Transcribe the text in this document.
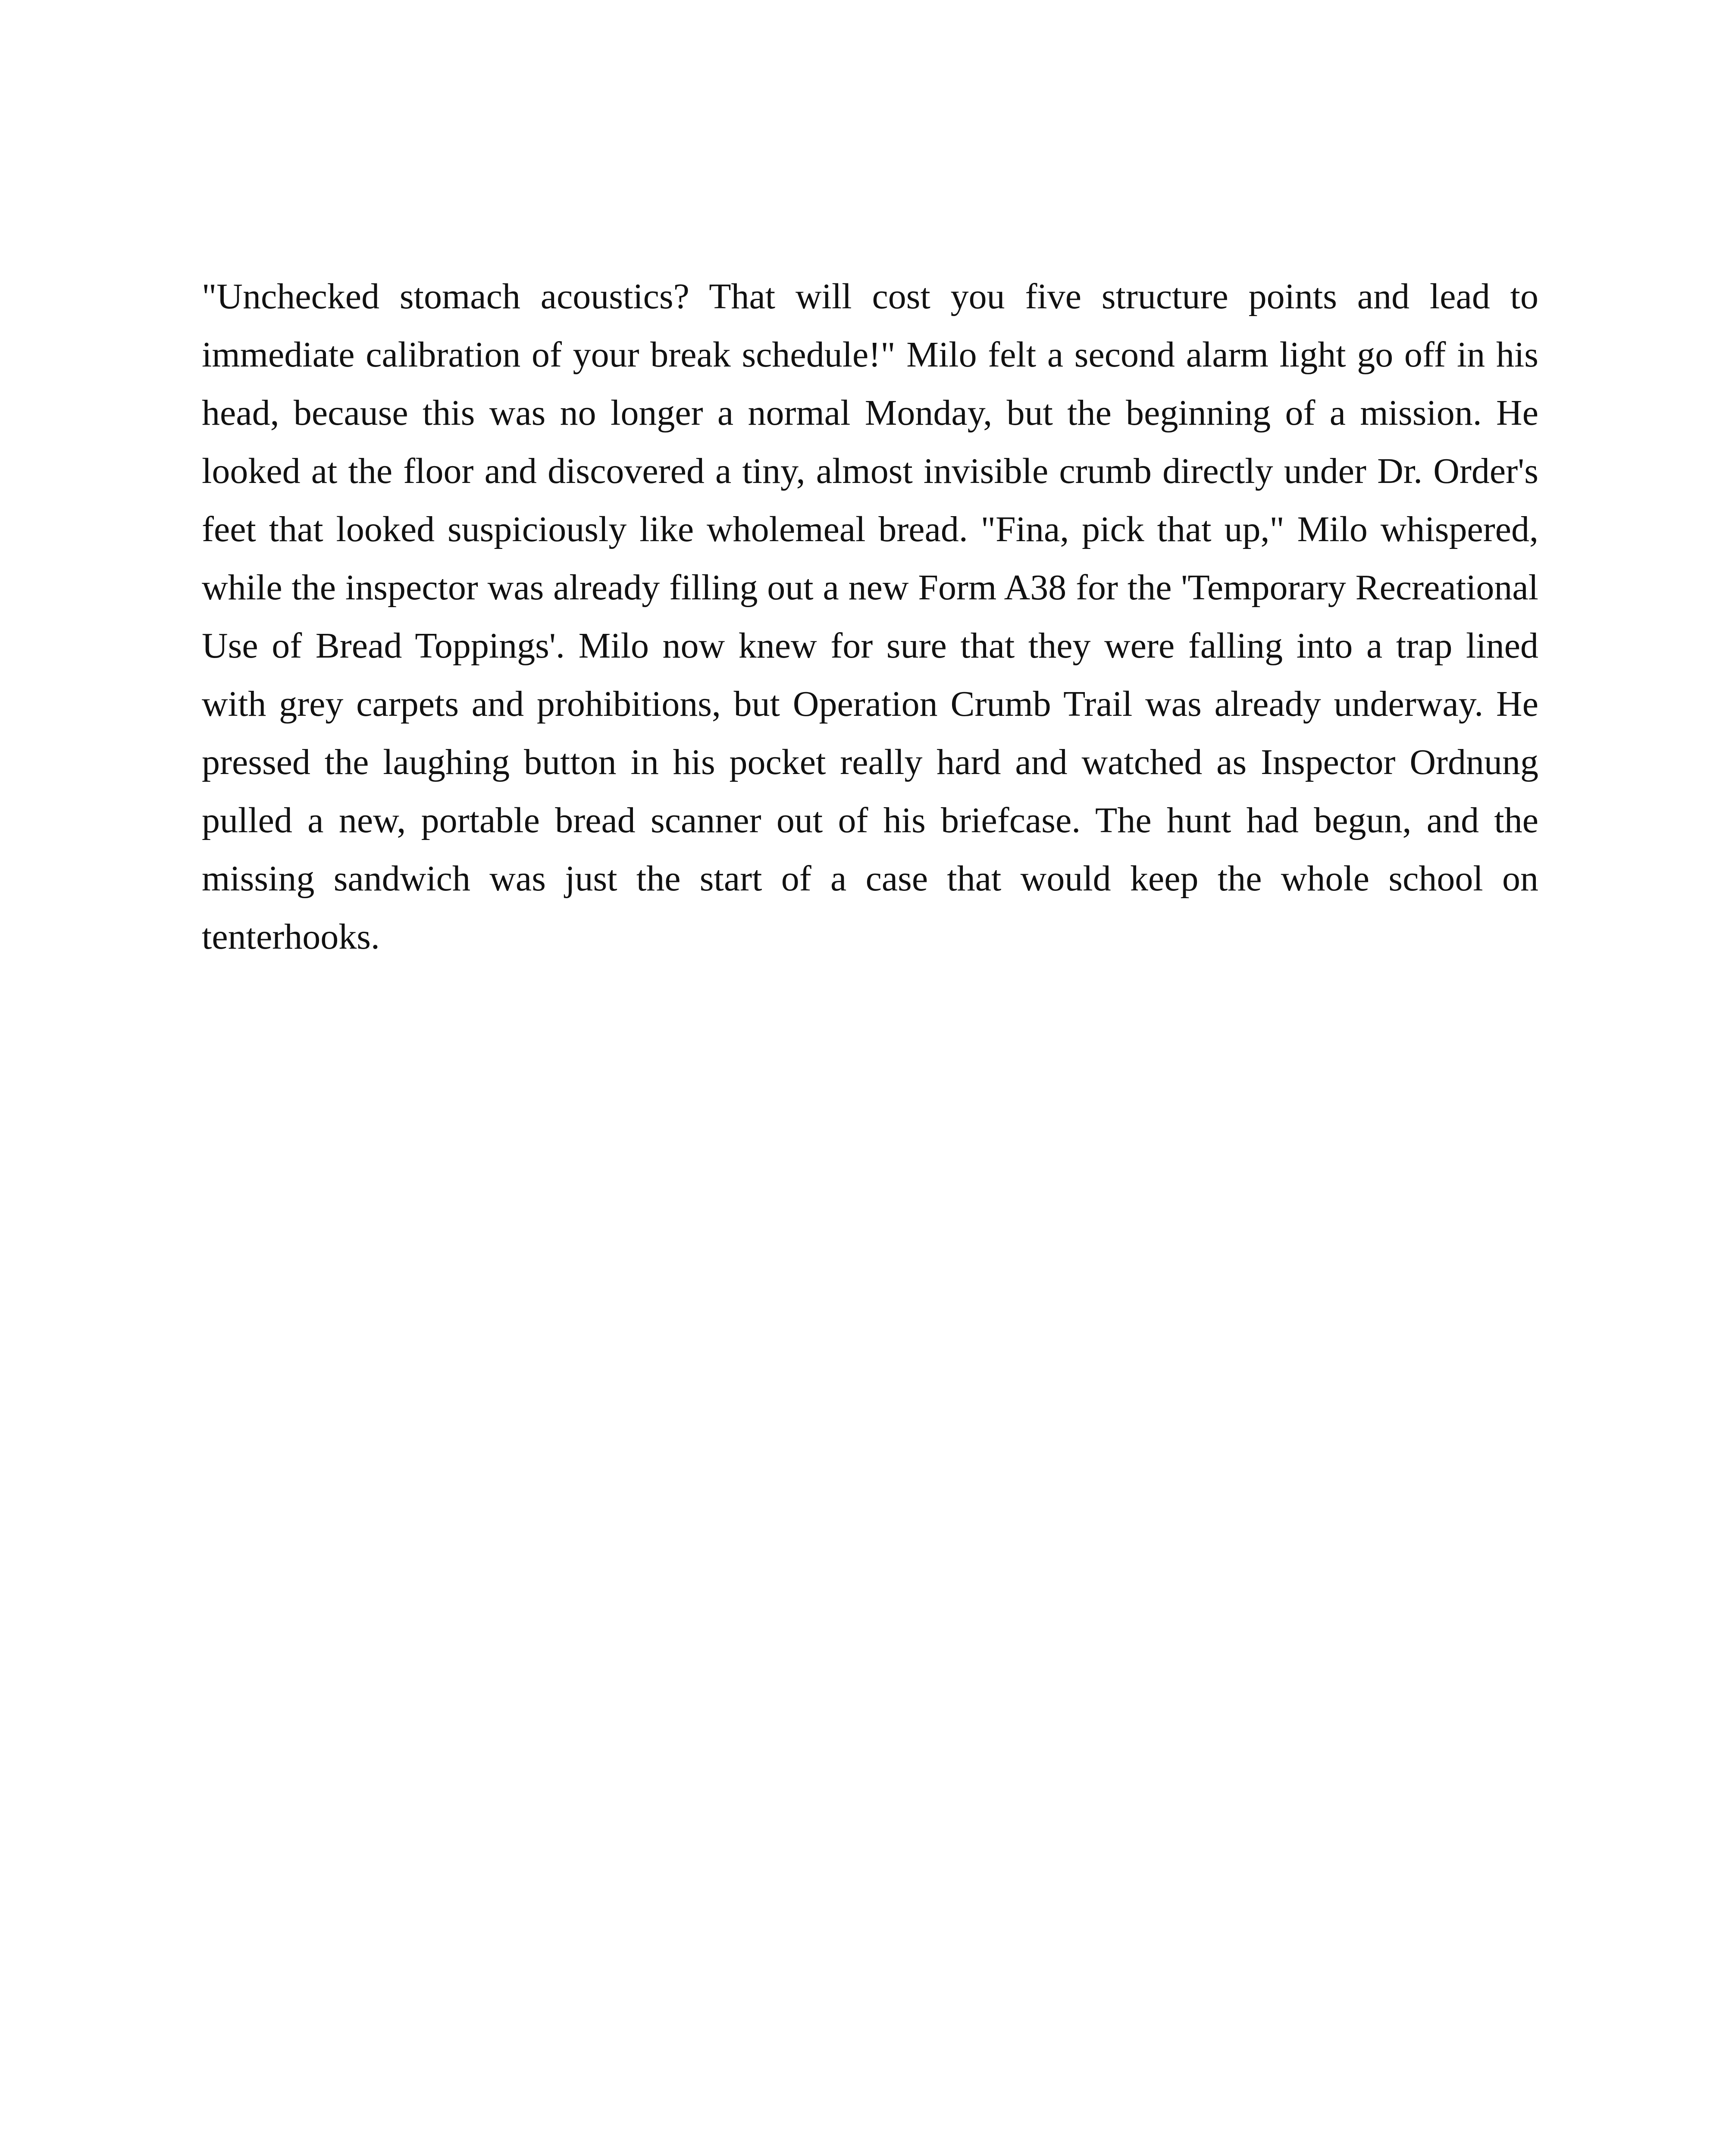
"Unchecked stomach acoustics? That will cost you five structure points and lead to immediate calibration of your break schedule!" Milo felt a second alarm light go off in his head, because this was no longer a normal Monday, but the beginning of a mission. He looked at the floor and discovered a tiny, almost invisible crumb directly under Dr. Order's feet that looked suspiciously like wholemeal bread. "Fina, pick that up," Milo whispered, while the inspector was already filling out a new Form A38 for the 'Temporary Recreational Use of Bread Toppings'. Milo now knew for sure that they were falling into a trap lined with grey carpets and prohibitions, but Operation Crumb Trail was already underway. He pressed the laughing button in his pocket really hard and watched as Inspector Ordnung pulled a new, portable bread scanner out of his briefcase. The hunt had begun, and the missing sandwich was just the start of a case that would keep the whole school on tenterhooks.
